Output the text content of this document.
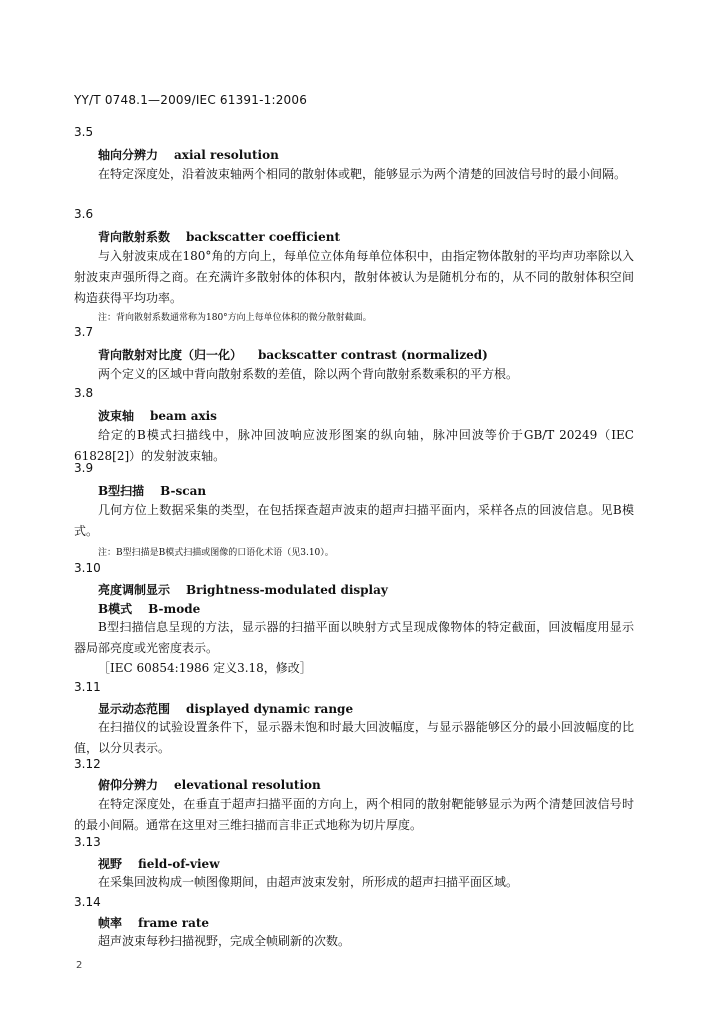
YY/T 0748.1—2009/IEC 61391-1:2006
3.5
轴向分辨力 axial resolution
在特定深度处，沿着波束轴两个相同的散射体或靶，能够显示为两个清楚的回波信号时的最小间隔。
3.6
背向散射系数 backscatter coefficient
与入射波束成在180°角的方向上，每单位立体角每单位体积中，由指定物体散射的平均声功率除以入射波束声强所得之商。在充满许多散射体的体积内，散射体被认为是随机分布的，从不同的散射体积空间构造获得平均功率。
注：背向散射系数通常称为180°方向上每单位体积的微分散射截面。
3.7
背向散射对比度（归一化） backscatter contrast (normalized)
两个定义的区域中背向散射系数的差值，除以两个背向散射系数乘积的平方根。
3.8
波束轴 beam axis
给定的B模式扫描线中，脉冲回波响应波形图案的纵向轴，脉冲回波等价于GB/T 20249（IEC 61828[2]）的发射波束轴。
3.9
B型扫描 B-scan
几何方位上数据采集的类型，在包括探查超声波束的超声扫描平面内，采样各点的回波信息。见B模式。
注：B型扫描是B模式扫描或图像的口语化术语（见3.10）。
3.10
亮度调制显示 Brightness-modulated display
B模式 B-mode
B型扫描信息呈现的方法，显示器的扫描平面以映射方式呈现成像物体的特定截面，回波幅度用显示器局部亮度或光密度表示。
［IEC 60854:1986 定义3.18，修改］
3.11
显示动态范围 displayed dynamic range
在扫描仪的试验设置条件下，显示器未饱和时最大回波幅度，与显示器能够区分的最小回波幅度的比值，以分贝表示。
3.12
俯仰分辨力 elevational resolution
在特定深度处，在垂直于超声扫描平面的方向上，两个相同的散射靶能够显示为两个清楚回波信号时的最小间隔。通常在这里对三维扫描而言非正式地称为切片厚度。
3.13
视野 field-of-view
在采集回波构成一帧图像期间，由超声波束发射，所形成的超声扫描平面区域。
3.14
帧率 frame rate
超声波束每秒扫描视野，完成全帧刷新的次数。
2
